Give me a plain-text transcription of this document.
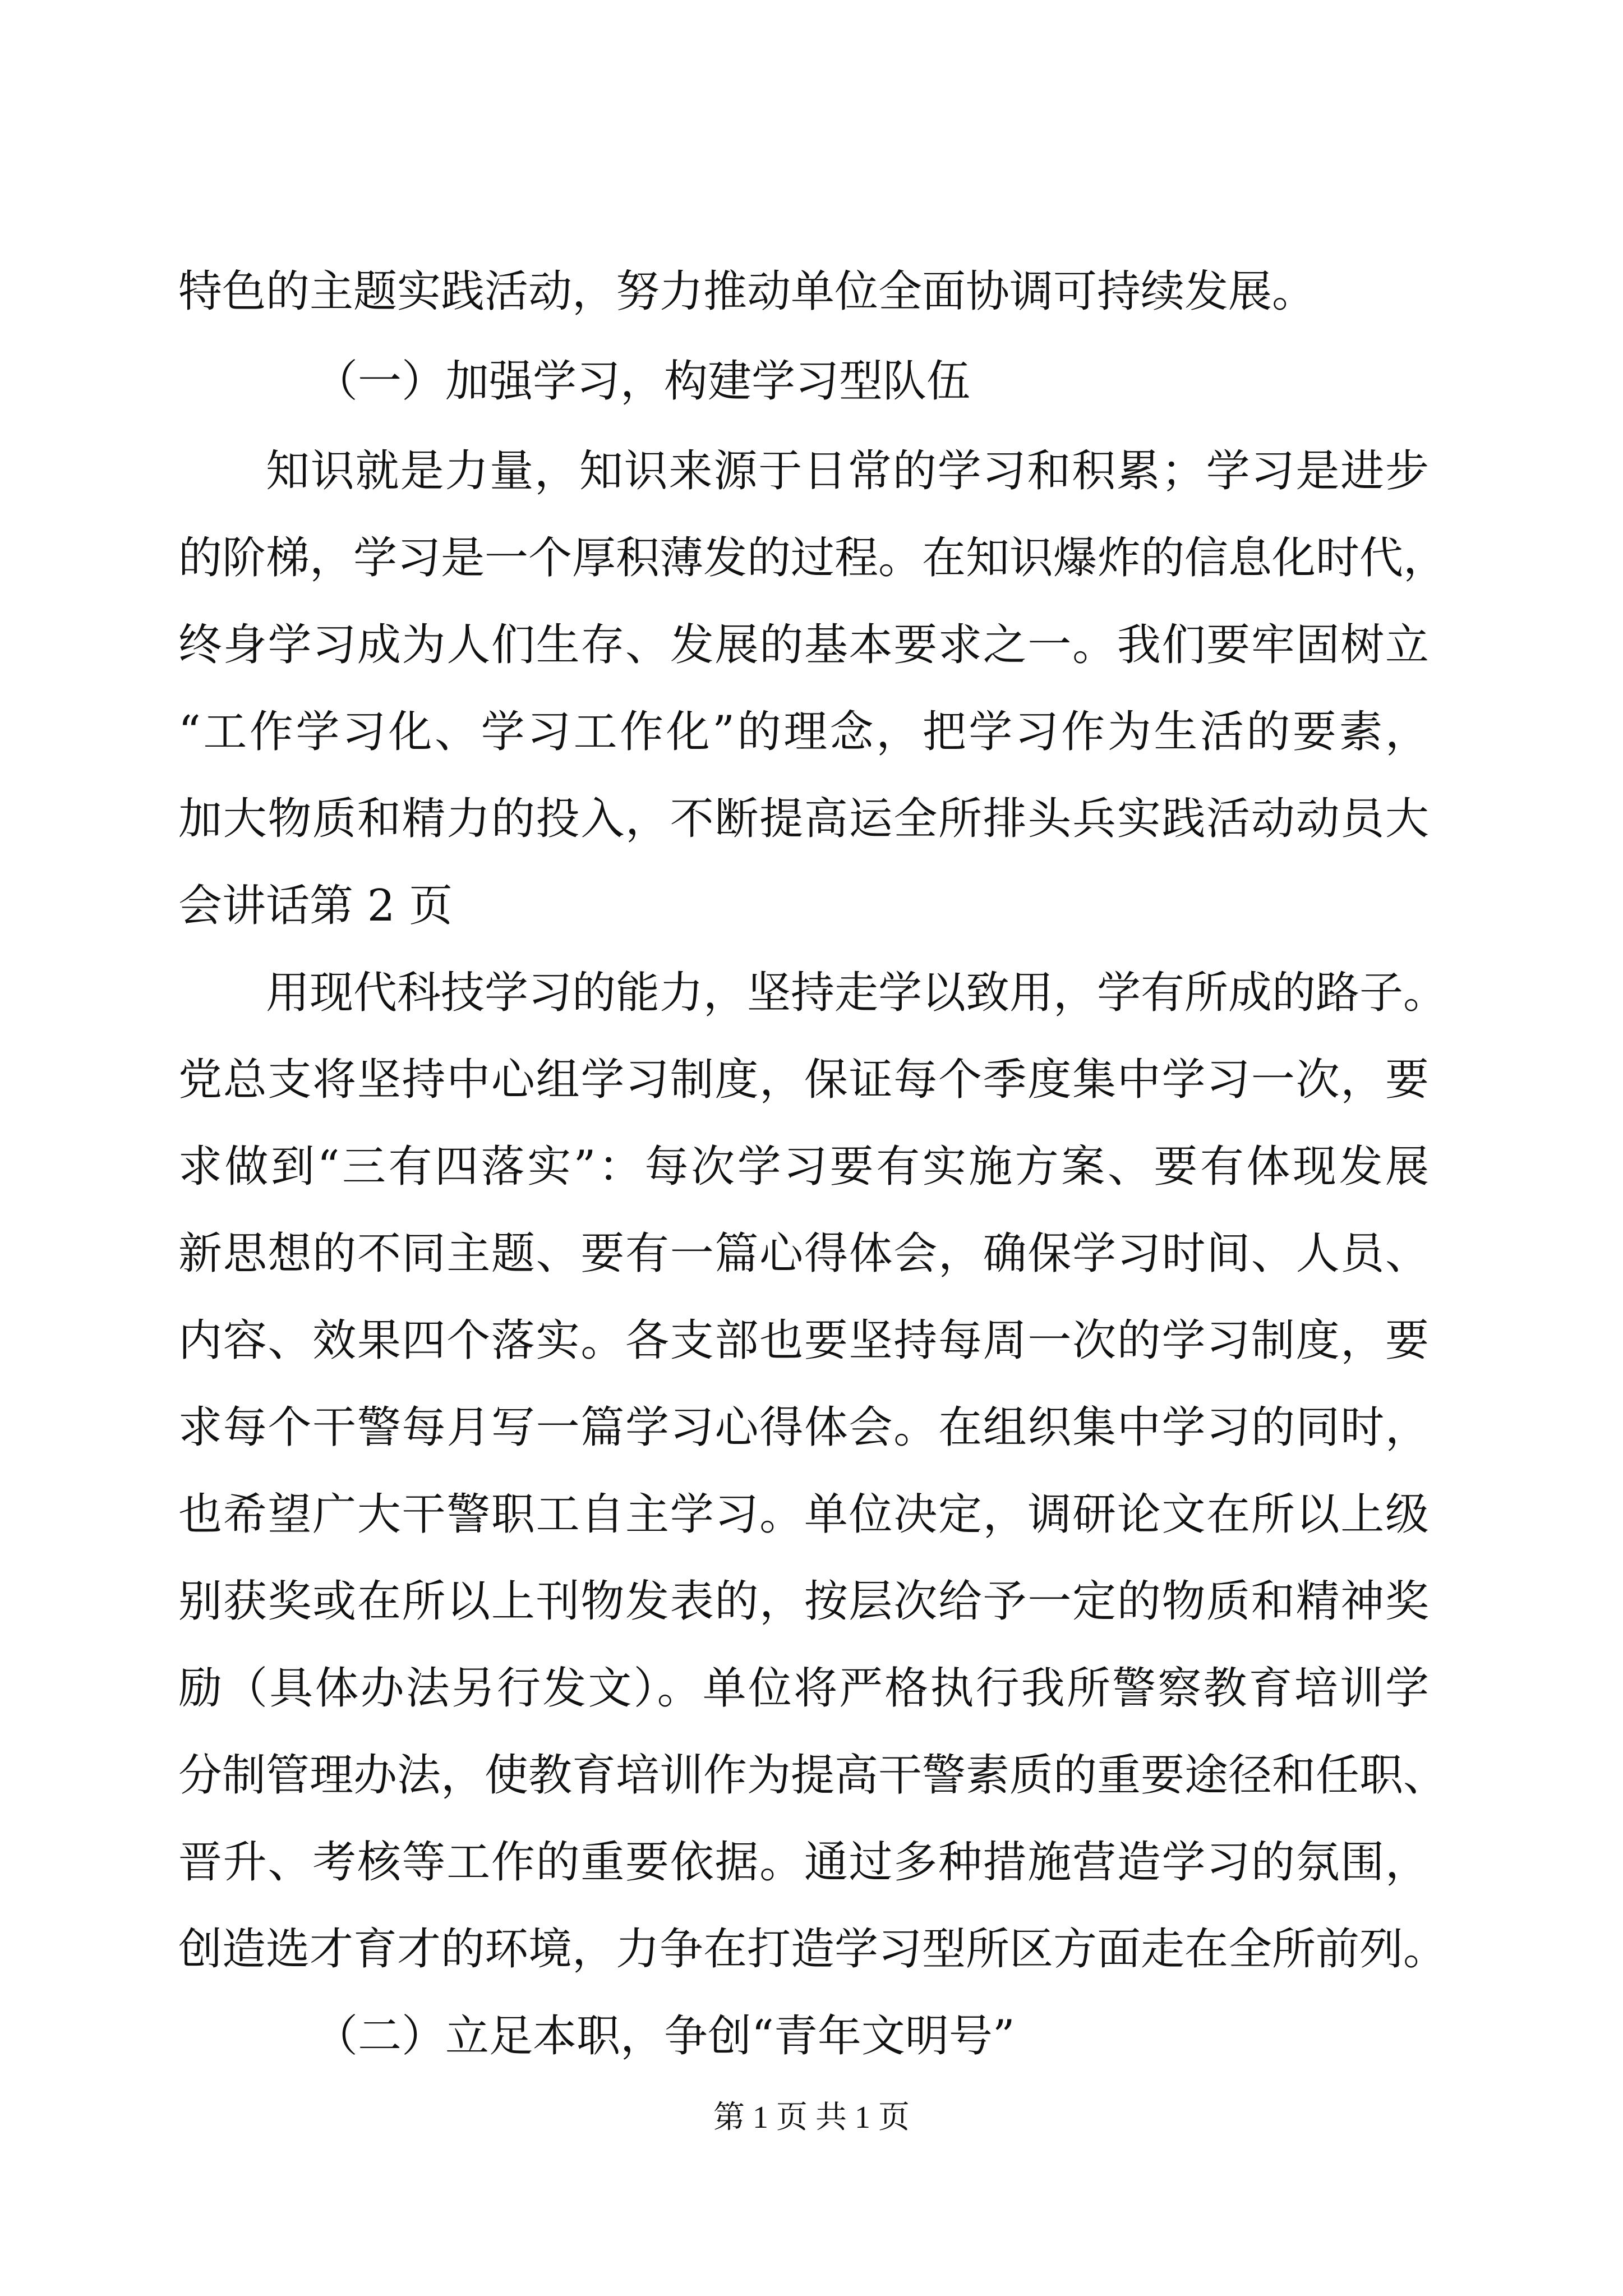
特色的主题实践活动，努力推动单位全面协调可持续发展。
（一）加强学习，构建学习型队伍
知识就是力量，知识来源于日常的学习和积累；学习是进步
的阶梯，学习是一个厚积薄发的过程。在知识爆炸的信息化时代，
终身学习成为人们生存、发展的基本要求之一。我们要牢固树立
“工作学习化、学习工作化”的理念，把学习作为生活的要素，
加大物质和精力的投入，不断提高运全所排头兵实践活动动员大
会讲话第 2 页
用现代科技学习的能力，坚持走学以致用，学有所成的路子。
党总支将坚持中心组学习制度，保证每个季度集中学习一次，要
求做到“三有四落实”：每次学习要有实施方案、要有体现发展
新思想的不同主题、要有一篇心得体会，确保学习时间、人员、
内容、效果四个落实。各支部也要坚持每周一次的学习制度，要
求每个干警每月写一篇学习心得体会。在组织集中学习的同时，
也希望广大干警职工自主学习。单位决定，调研论文在所以上级
别获奖或在所以上刊物发表的，按层次给予一定的物质和精神奖
励（具体办法另行发文）。单位将严格执行我所警察教育培训学
分制管理办法，使教育培训作为提高干警素质的重要途径和任职、
晋升、考核等工作的重要依据。通过多种措施营造学习的氛围，
创造选才育才的环境，力争在打造学习型所区方面走在全所前列。
（二）立足本职，争创“青年文明号”
第 1 页 共 1 页
